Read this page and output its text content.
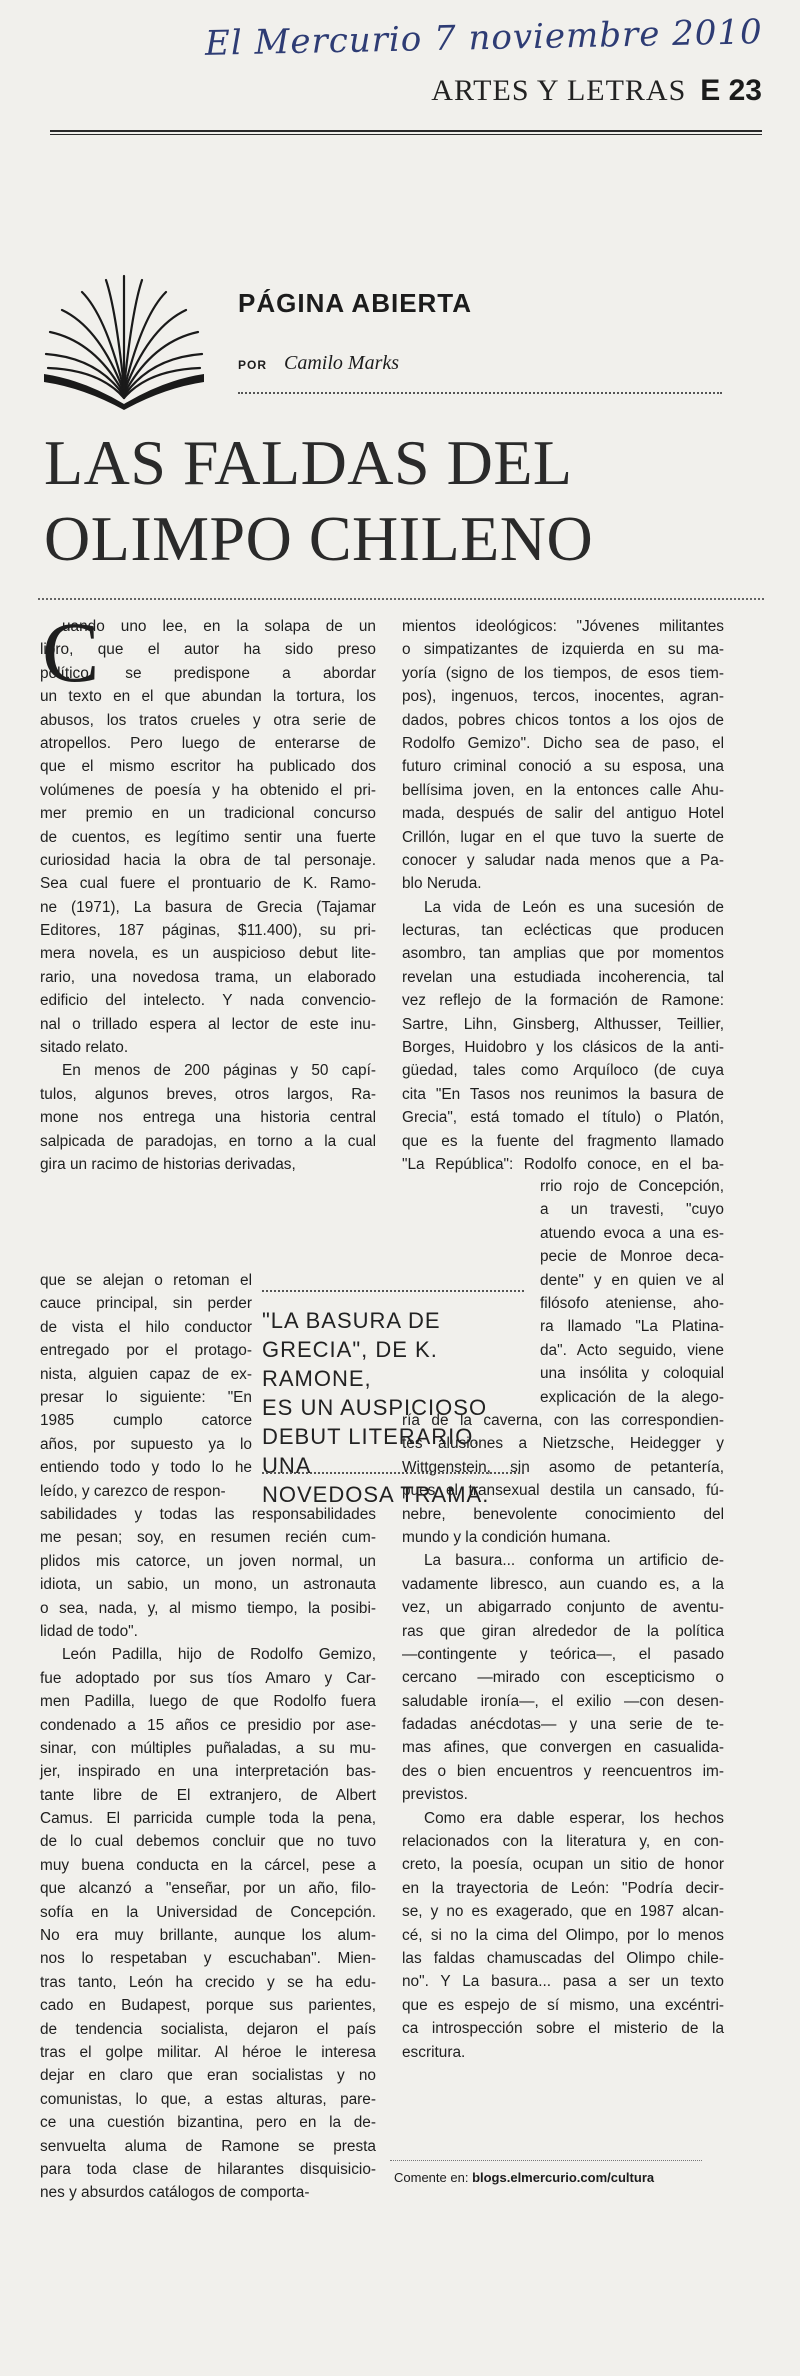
El Mercurio 7 noviembre 2010
ARTES Y LETRAS E 23
PÁGINA ABIERTA
POR Camilo Marks
LAS FALDAS DEL
OLIMPO CHILENO
C
uando uno lee, en la solapa de un
libro, que el autor ha sido preso
político, se predispone a abordar
un texto en el que abundan la tortura, los
abusos, los tratos crueles y otra serie de
atropellos. Pero luego de enterarse de
que el mismo escritor ha publicado dos
volúmenes de poesía y ha obtenido el pri-
mer premio en un tradicional concurso
de cuentos, es legítimo sentir una fuerte
curiosidad hacia la obra de tal personaje.
Sea cual fuere el prontuario de K. Ramo-
ne (1971), La basura de Grecia (Tajamar
Editores, 187 páginas, $11.400), su pri-
mera novela, es un auspicioso debut lite-
rario, una novedosa trama, un elaborado
edificio del intelecto. Y nada convencio-
nal o trillado espera al lector de este inu-
sitado relato.
En menos de 200 páginas y 50 capí-
tulos, algunos breves, otros largos, Ra-
mone nos entrega una historia central
salpicada de paradojas, en torno a la cual
gira un racimo de historias derivadas,
que se alejan o retoman el
cauce principal, sin perder
de vista el hilo conductor
entregado por el protago-
nista, alguien capaz de ex-
presar lo siguiente: "En
1985 cumplo catorce
años, por supuesto ya lo
entiendo todo y todo lo he
leído, y carezco de respon-
sabilidades y todas las responsabilidades
me pesan; soy, en resumen recién cum-
plidos mis catorce, un joven normal, un
idiota, un sabio, un mono, un astronauta
o sea, nada, y, al mismo tiempo, la posibi-
lidad de todo".
León Padilla, hijo de Rodolfo Gemizo,
fue adoptado por sus tíos Amaro y Car-
men Padilla, luego de que Rodolfo fuera
condenado a 15 años ce presidio por ase-
sinar, con múltiples puñaladas, a su mu-
jer, inspirado en una interpretación bas-
tante libre de El extranjero, de Albert
Camus. El parricida cumple toda la pena,
de lo cual debemos concluir que no tuvo
muy buena conducta en la cárcel, pese a
que alcanzó a "enseñar, por un año, filo-
sofía en la Universidad de Concepción.
No era muy brillante, aunque los alum-
nos lo respetaban y escuchaban". Mien-
tras tanto, León ha crecido y se ha edu-
cado en Budapest, porque sus parientes,
de tendencia socialista, dejaron el país
tras el golpe militar. Al héroe le interesa
dejar en claro que eran socialistas y no
comunistas, lo que, a estas alturas, pare-
ce una cuestión bizantina, pero en la de-
senvuelta aluma de Ramone se presta
para toda clase de hilarantes disquisicio-
nes y absurdos catálogos de comporta-
mientos ideológicos: "Jóvenes militantes
o simpatizantes de izquierda en su ma-
yoría (signo de los tiempos, de esos tiem-
pos), ingenuos, tercos, inocentes, agran-
dados, pobres chicos tontos a los ojos de
Rodolfo Gemizo". Dicho sea de paso, el
futuro criminal conoció a su esposa, una
bellísima joven, en la entonces calle Ahu-
mada, después de salir del antiguo Hotel
Crillón, lugar en el que tuvo la suerte de
conocer y saludar nada menos que a Pa-
blo Neruda.
La vida de León es una sucesión de
lecturas, tan eclécticas que producen
asombro, tan amplias que por momentos
revelan una estudiada incoherencia, tal
vez reflejo de la formación de Ramone:
Sartre, Lihn, Ginsberg, Althusser, Teillier,
Borges, Huidobro y los clásicos de la anti-
güedad, tales como Arquíloco (de cuya
cita "En Tasos nos reunimos la basura de
Grecia", está tomado el título) o Platón,
que es la fuente del fragmento llamado
"La República": Rodolfo conoce, en el ba-
rrio rojo de Concepción,
a un travesti, "cuyo
atuendo evoca a una es-
pecie de Monroe deca-
dente" y en quien ve al
filósofo ateniense, aho-
ra llamado "La Platina-
da". Acto seguido, viene
una insólita y coloquial
explicación de la alego-
ría de la caverna, con las correspondien-
tes alusiones a Nietzsche, Heidegger y
Wittgenstein, sin asomo de petantería,
pues el transexual destila un cansado, fú-
nebre, benevolente conocimiento del
mundo y la condición humana.
La basura... conforma un artificio de-
vadamente libresco, aun cuando es, a la
vez, un abigarrado conjunto de aventu-
ras que giran alrededor de la política
—contingente y teórica—, el pasado
cercano —mirado con escepticismo o
saludable ironía—, el exilio —con desen-
fadadas anécdotas— y una serie de te-
mas afines, que convergen en casualida-
des o bien encuentros y reencuentros im-
previstos.
Como era dable esperar, los hechos
relacionados con la literatura y, en con-
creto, la poesía, ocupan un sitio de honor
en la trayectoria de León: "Podría decir-
se, y no es exagerado, que en 1987 alcan-
cé, si no la cima del Olimpo, por lo menos
las faldas chamuscadas del Olimpo chile-
no". Y La basura... pasa a ser un texto
que es espejo de sí mismo, una excéntri-
ca introspección sobre el misterio de la
escritura.
"LA BASURA DE
GRECIA", DE K. RAMONE,
ES UN AUSPICIOSO
DEBUT LITERARIO, UNA
NOVEDOSA TRAMA.
Comente en: blogs.elmercurio.com/cultura
